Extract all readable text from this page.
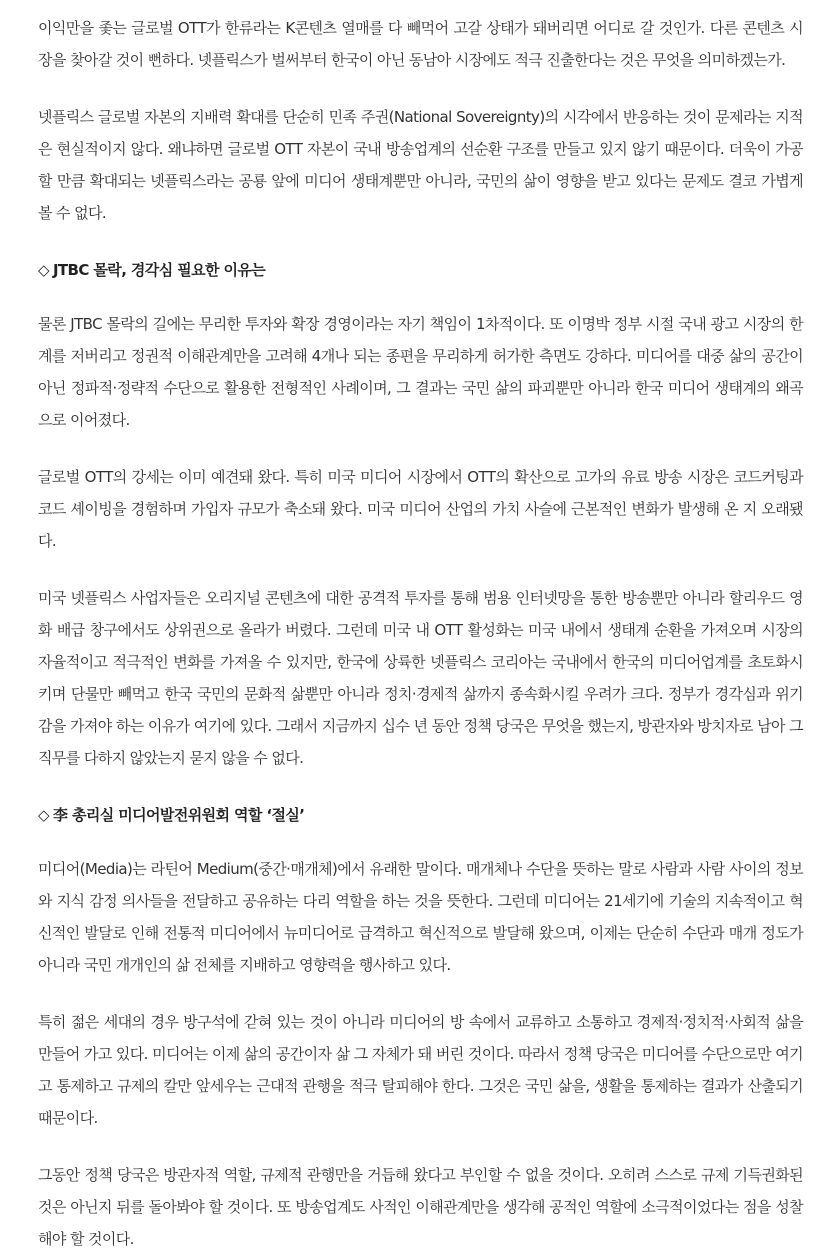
이익만을 좇는 글로벌 OTT가 한류라는 K콘텐츠 열매를 다 빼먹어 고갈 상태가 돼버리면 어디로 갈 것인가. 다른 콘텐츠 시장을 찾아갈 것이 뻔하다. 넷플릭스가 벌써부터 한국이 아닌 동남아 시장에도 적극 진출한다는 것은 무엇을 의미하겠는가.

넷플릭스 글로벌 자본의 지배력 확대를 단순히 민족 주권(National Sovereignty)의 시각에서 반응하는 것이 문제라는 지적은 현실적이지 않다. 왜냐하면 글로벌 OTT 자본이 국내 방송업계의 선순환 구조를 만들고 있지 않기 때문이다. 더욱이 가공할 만큼 확대되는 넷플릭스라는 공룡 앞에 미디어 생태계뿐만 아니라, 국민의 삶이 영향을 받고 있다는 문제도 결코 가볍게 볼 수 없다.

◇ JTBC 몰락, 경각심 필요한 이유는

물론 JTBC 몰락의 길에는 무리한 투자와 확장 경영이라는 자기 책임이 1차적이다. 또 이명박 정부 시절 국내 광고 시장의 한계를 저버리고 정권적 이해관계만을 고려해 4개나 되는 종편을 무리하게 허가한 측면도 강하다. 미디어를 대중 삶의 공간이 아닌 정파적·정략적 수단으로 활용한 전형적인 사례이며, 그 결과는 국민 삶의 파괴뿐만 아니라 한국 미디어 생태계의 왜곡으로 이어졌다.

글로벌 OTT의 강세는 이미 예견돼 왔다. 특히 미국 미디어 시장에서 OTT의 확산으로 고가의 유료 방송 시장은 코드커팅과 코드 셰이빙을 경험하며 가입자 규모가 축소돼 왔다. 미국 미디어 산업의 가치 사슬에 근본적인 변화가 발생해 온 지 오래됐다.

미국 넷플릭스 사업자들은 오리지널 콘텐츠에 대한 공격적 투자를 통해 범용 인터넷망을 통한 방송뿐만 아니라 할리우드 영화 배급 창구에서도 상위권으로 올라가 버렸다. 그런데 미국 내 OTT 활성화는 미국 내에서 생태계 순환을 가져오며 시장의 자율적이고 적극적인 변화를 가져올 수 있지만, 한국에 상륙한 넷플릭스 코리아는 국내에서 한국의 미디어업계를 초토화시키며 단물만 빼먹고 한국 국민의 문화적 삶뿐만 아니라 정치·경제적 삶까지 종속화시킬 우려가 크다. 정부가 경각심과 위기감을 가져야 하는 이유가 여기에 있다. 그래서 지금까지 십수 년 동안 정책 당국은 무엇을 했는지, 방관자와 방치자로 남아 그 직무를 다하지 않았는지 묻지 않을 수 없다.

◇ 李 총리실 미디어발전위원회 역할 ‘절실’

미디어(Media)는 라틴어 Medium(중간·매개체)에서 유래한 말이다. 매개체나 수단을 뜻하는 말로 사람과 사람 사이의 정보와 지식 감정 의사들을 전달하고 공유하는 다리 역할을 하는 것을 뜻한다. 그런데 미디어는 21세기에 기술의 지속적이고 혁신적인 발달로 인해 전통적 미디어에서 뉴미디어로 급격하고 혁신적으로 발달해 왔으며, 이제는 단순히 수단과 매개 정도가 아니라 국민 개개인의 삶 전체를 지배하고 영향력을 행사하고 있다.

특히 젊은 세대의 경우 방구석에 갇혀 있는 것이 아니라 미디어의 방 속에서 교류하고 소통하고 경제적·정치적·사회적 삶을 만들어 가고 있다. 미디어는 이제 삶의 공간이자 삶 그 자체가 돼 버린 것이다. 따라서 정책 당국은 미디어를 수단으로만 여기고 통제하고 규제의 칼만 앞세우는 근대적 관행을 적극 탈피해야 한다. 그것은 국민 삶을, 생활을 통제하는 결과가 산출되기 때문이다.

그동안 정책 당국은 방관자적 역할, 규제적 관행만을 거듭해 왔다고 부인할 수 없을 것이다. 오히려 스스로 규제 기득권화된 것은 아닌지 뒤를 돌아봐야 할 것이다. 또 방송업계도 사적인 이해관계만을 생각해 공적인 역할에 소극적이었다는 점을 성찰해야 할 것이다.
